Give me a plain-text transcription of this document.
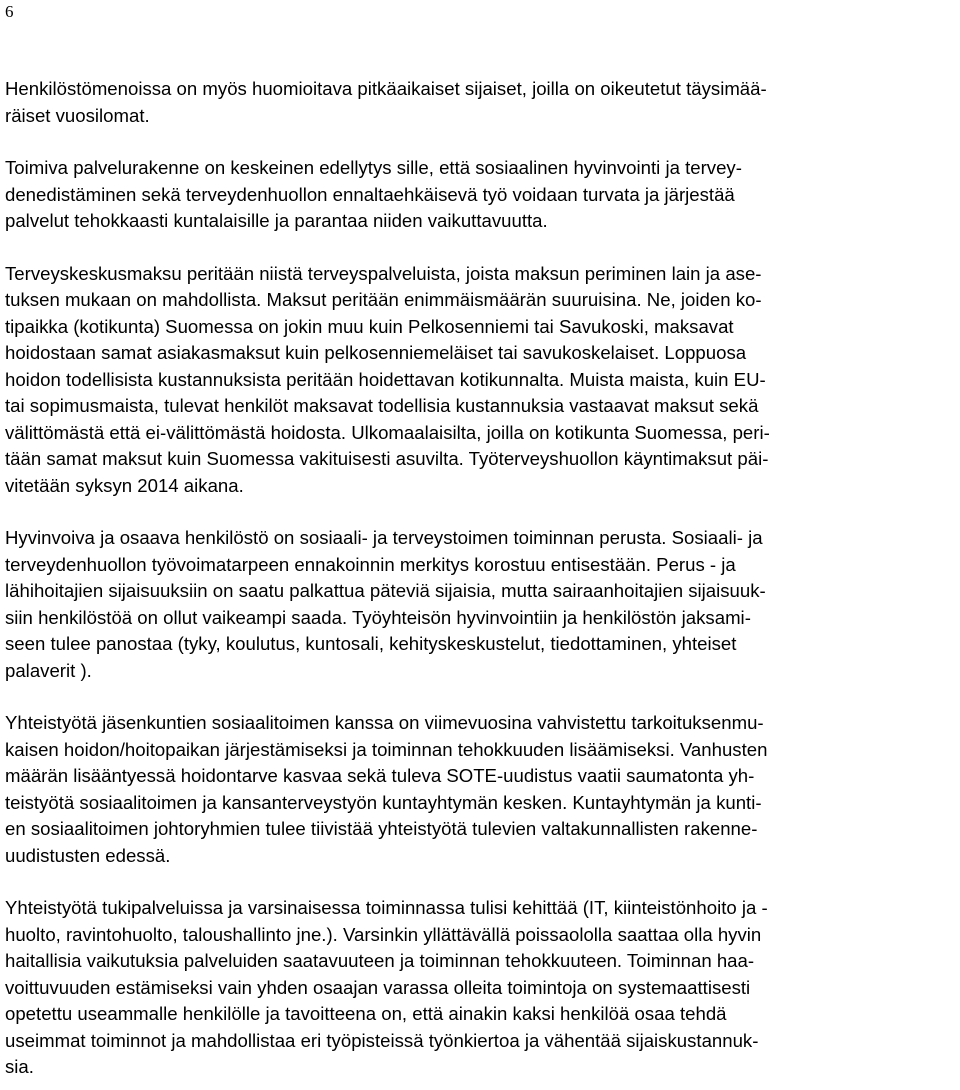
6
Henkilöstömenoissa on myös huomioitava pitkäaikaiset sijaiset, joilla on oikeutetut täysimää-
räiset vuosilomat.
Toimiva palvelurakenne on keskeinen edellytys sille, että sosiaalinen hyvinvointi ja tervey-
denedistäminen sekä terveydenhuollon ennaltaehkäisevä työ voidaan turvata ja järjestää
palvelut tehokkaasti kuntalaisille ja parantaa niiden vaikuttavuutta.
Terveyskeskusmaksu peritään niistä terveyspalveluista, joista maksun periminen lain ja ase-
tuksen mukaan on mahdollista. Maksut peritään enimmäismäärän suuruisina. Ne, joiden ko-
tipaikka (kotikunta) Suomessa on jokin muu kuin Pelkosenniemi tai Savukoski, maksavat
hoidostaan samat asiakasmaksut kuin pelkosenniemeläiset tai savukoskelaiset. Loppuosa
hoidon todellisista kustannuksista peritään hoidettavan kotikunnalta. Muista maista, kuin EU-
tai sopimusmaista, tulevat henkilöt maksavat todellisia kustannuksia vastaavat maksut sekä
välittömästä että ei-välittömästä hoidosta. Ulkomaalaisilta, joilla on kotikunta Suomessa, peri-
tään samat maksut kuin Suomessa vakituisesti asuvilta. Työterveyshuollon käyntimaksut päi-
vitetään syksyn 2014 aikana.
Hyvinvoiva ja osaava henkilöstö on sosiaali- ja terveystoimen toiminnan perusta. Sosiaali- ja
terveydenhuollon työvoimatarpeen ennakoinnin merkitys korostuu entisestään. Perus - ja
lähihoitajien sijaisuuksiin on saatu palkattua päteviä sijaisia, mutta sairaanhoitajien sijaisuuk-
siin henkilöstöä on ollut vaikeampi saada. Työyhteisön hyvinvointiin ja henkilöstön jaksami-
seen tulee panostaa (tyky, koulutus, kuntosali, kehityskeskustelut, tiedottaminen, yhteiset
palaverit ).
Yhteistyötä jäsenkuntien sosiaalitoimen kanssa on viimevuosina vahvistettu tarkoituksenmu-
kaisen hoidon/hoitopaikan järjestämiseksi ja toiminnan tehokkuuden lisäämiseksi. Vanhusten
määrän lisääntyessä hoidontarve kasvaa sekä tuleva SOTE-uudistus vaatii saumatonta yh-
teistyötä sosiaalitoimen ja kansanterveystyön kuntayhtymän kesken. Kuntayhtymän ja kunti-
en sosiaalitoimen johtoryhmien tulee tiivistää yhteistyötä tulevien valtakunnallisten rakenne-
uudistusten edessä.
Yhteistyötä tukipalveluissa ja varsinaisessa toiminnassa tulisi kehittää (IT, kiinteistönhoito ja -
huolto, ravintohuolto, taloushallinto jne.). Varsinkin yllättävällä poissaololla saattaa olla hyvin
haitallisia vaikutuksia palveluiden saatavuuteen ja toiminnan tehokkuuteen. Toiminnan haa-
voittuvuuden estämiseksi vain yhden osaajan varassa olleita toimintoja on systemaattisesti
opetettu useammalle henkilölle ja tavoitteena on, että ainakin kaksi henkilöä osaa tehdä
useimmat toiminnot ja mahdollistaa eri työpisteissä työnkiertoa ja vähentää sijaiskustannuk-
sia.
